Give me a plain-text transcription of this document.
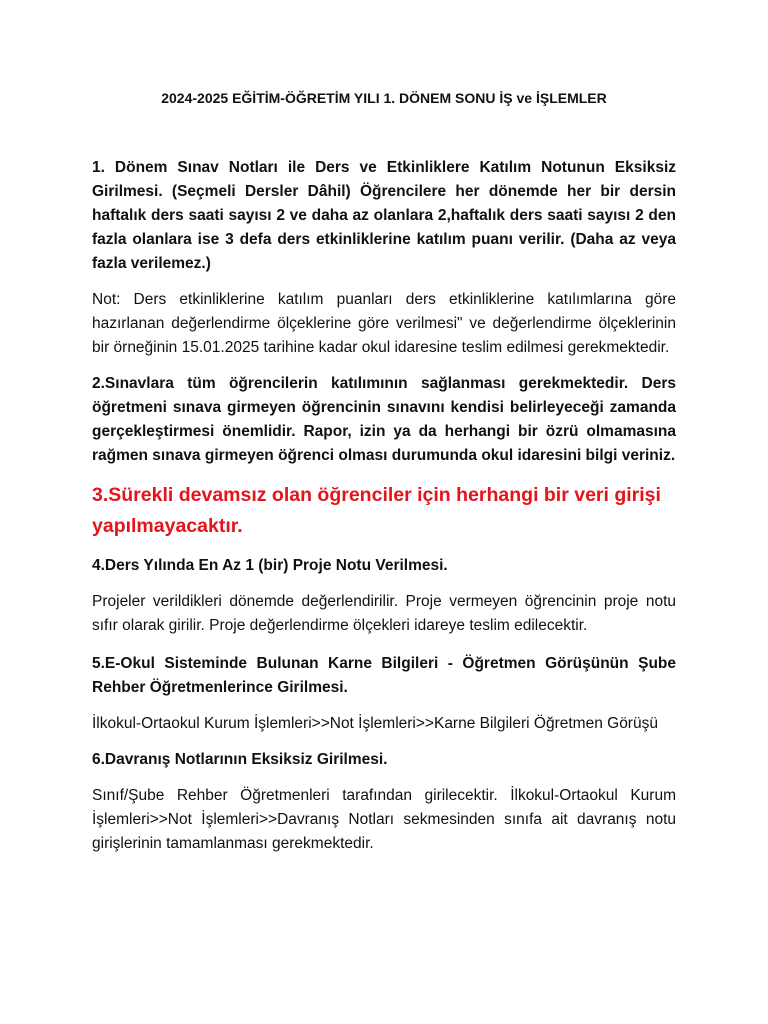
2024-2025 EĞİTİM-ÖĞRETİM YILI 1. DÖNEM SONU İŞ ve İŞLEMLER

1. Dönem Sınav Notları ile Ders ve Etkinliklere Katılım Notunun Eksiksiz Girilmesi. (Seçmeli Dersler Dâhil) Öğrencilere her dönemde her bir dersin haftalık ders saati sayısı 2 ve daha az olanlara 2,haftalık ders saati sayısı 2 den fazla olanlara ise 3 defa ders etkinliklerine katılım puanı verilir. (Daha az veya fazla verilemez.)

Not: Ders etkinliklerine katılım puanları ders etkinliklerine katılımlarına göre hazırlanan değerlendirme ölçeklerine göre verilmesi" ve değerlendirme ölçeklerinin bir örneğinin 15.01.2025 tarihine kadar okul idaresine teslim edilmesi gerekmektedir.

2.Sınavlara tüm öğrencilerin katılımının sağlanması gerekmektedir. Ders öğretmeni sınava girmeyen öğrencinin sınavını kendisi belirleyeceği zamanda gerçekleştirmesi önemlidir. Rapor, izin ya da herhangi bir özrü olmamasına rağmen sınava girmeyen öğrenci olması durumunda okul idaresini bilgi veriniz.

3.Sürekli devamsız olan öğrenciler için herhangi bir veri girişi yapılmayacaktır.

4.Ders Yılında En Az 1 (bir) Proje Notu Verilmesi.

Projeler verildikleri dönemde değerlendirilir. Proje vermeyen öğrencinin proje notu sıfır olarak girilir. Proje değerlendirme ölçekleri idareye teslim edilecektir.

5.E-Okul Sisteminde Bulunan Karne Bilgileri - Öğretmen Görüşünün Şube Rehber Öğretmenlerince Girilmesi.

İlkokul-Ortaokul Kurum İşlemleri>>Not İşlemleri>>Karne Bilgileri Öğretmen Görüşü

6.Davranış Notlarının Eksiksiz Girilmesi.

Sınıf/Şube Rehber Öğretmenleri tarafından girilecektir. İlkokul-Ortaokul Kurum İşlemleri>>Not İşlemleri>>Davranış Notları sekmesinden sınıfa ait davranış notu girişlerinin tamamlanması gerekmektedir.
